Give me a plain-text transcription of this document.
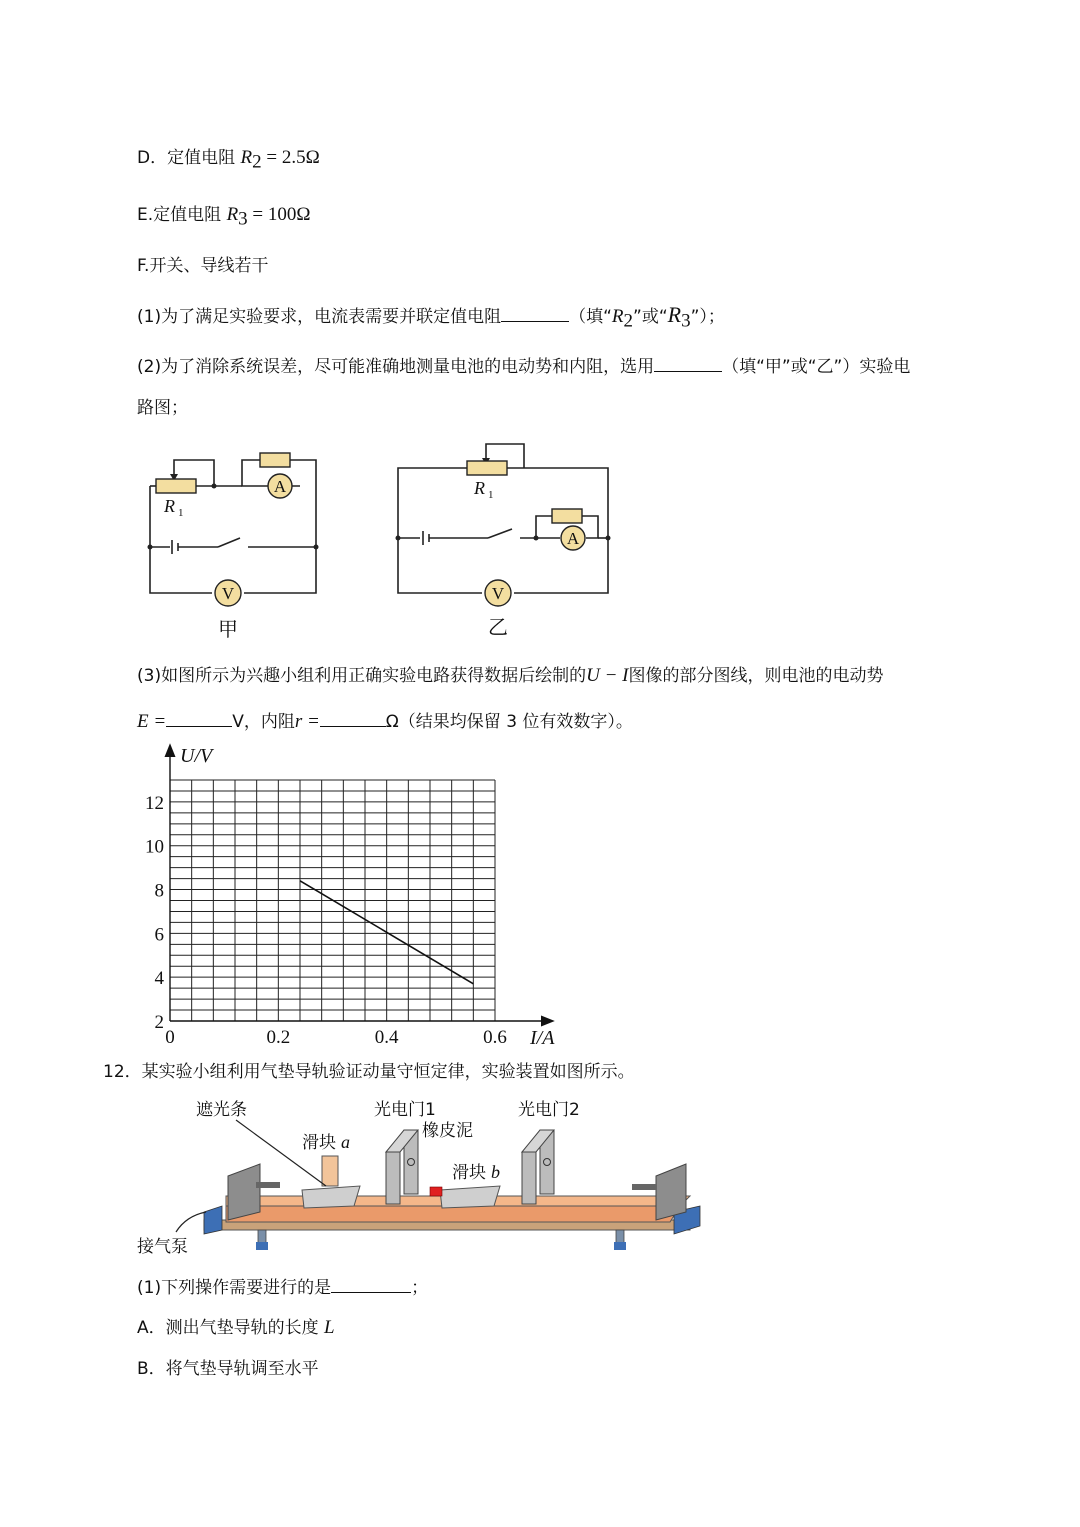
D．定值电阻 $R_2 = 2.5\Omega$
E.定值电阻 $R_3 = 100\Omega$
F.开关、导线若干
(1)为了满足实验要求，电流表需要并联定值电阻	（填“$R_2$”或“$R_3$”）；
(2)为了消除系统误差，尽可能准确地测量电池的电动势和内阻，选用	（填“甲”或“乙”）实验电
路图；
A
V
R 1
甲
A
V
R 1
乙
(3)如图所示为兴趣小组利用正确实验电路获得数据后绘制的U − I图像的部分图线，则电池的电动势
E =	V，内阻r =	Ω（结果均保留 3 位有效数字）。
2
4
6
8
10
12
0	0.2	0.4	0.6
U/V
I/A
12．某实验小组利用气垫导轨验证动量守恒定律，实验装置如图所示。
遮光条
滑块 a
光电门1
橡皮泥
滑块 b
光电门2
接气泵
(1)下列操作需要进行的是	；
A．测出气垫导轨的长度 L
B．将气垫导轨调至水平
